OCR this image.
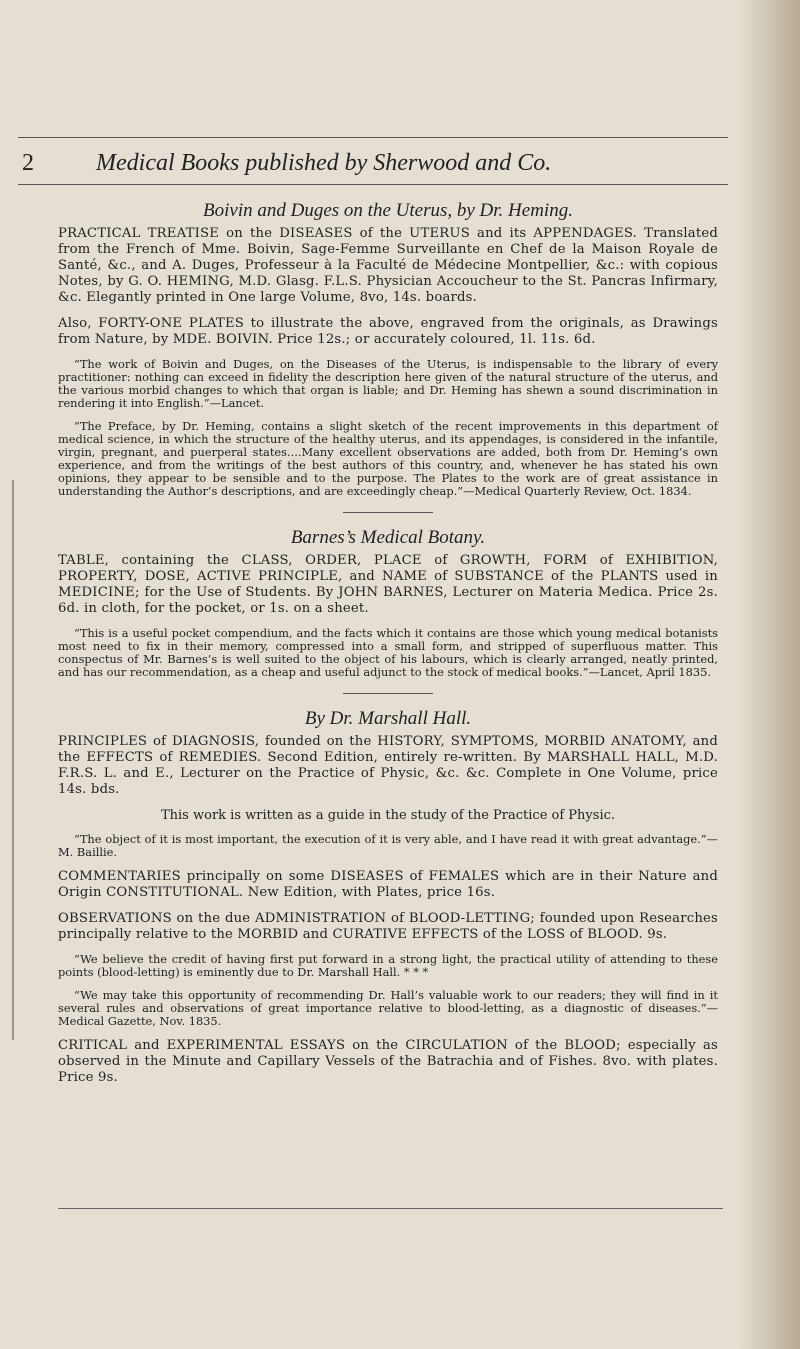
2	Medical Books published by Sherwood and Co.

Boivin and Duges on the Uterus, by Dr. Heming.

PRACTICAL TREATISE on the DISEASES of the UTERUS and its APPENDAGES. Translated from the French of Mme. Boivin, Sage-Femme Surveillante en Chef de la Maison Royale de Santé, &c., and A. Duges, Professeur à la Faculté de Médecine Montpellier, &c.: with copious Notes, by G. O. HEMING, M.D. Glasg. F.L.S. Physician Accoucheur to the St. Pancras Infirmary, &c. Elegantly printed in One large Volume, 8vo, 14s. boards.

Also, FORTY-ONE PLATES to illustrate the above, engraved from the originals, as Drawings from Nature, by MDE. BOIVIN. Price 12s.; or accurately coloured, 1l. 11s. 6d.

“The work of Boivin and Duges, on the Diseases of the Uterus, is indispensable to the library of every practitioner: nothing can exceed in fidelity the description here given of the natural structure of the uterus, and the various morbid changes to which that organ is liable; and Dr. Heming has shewn a sound discrimination in rendering it into English.”—Lancet.

“The Preface, by Dr. Heming, contains a slight sketch of the recent improvements in this department of medical science, in which the structure of the healthy uterus, and its appendages, is considered in the infantile, virgin, pregnant, and puerperal states....Many excellent observations are added, both from Dr. Heming’s own experience, and from the writings of the best authors of this country, and, whenever he has stated his own opinions, they appear to be sensible and to the purpose. The Plates to the work are of great assistance in understanding the Author’s descriptions, and are exceedingly cheap.”—Medical Quarterly Review, Oct. 1834.

Barnes’s Medical Botany.

TABLE, containing the CLASS, ORDER, PLACE of GROWTH, FORM of EXHIBITION, PROPERTY, DOSE, ACTIVE PRINCIPLE, and NAME of SUBSTANCE of the PLANTS used in MEDICINE; for the Use of Students. By JOHN BARNES, Lecturer on Materia Medica. Price 2s. 6d. in cloth, for the pocket, or 1s. on a sheet.

“This is a useful pocket compendium, and the facts which it contains are those which young medical botanists most need to fix in their memory, compressed into a small form, and stripped of superfluous matter. This conspectus of Mr. Barnes’s is well suited to the object of his labours, which is clearly arranged, neatly printed, and has our recommendation, as a cheap and useful adjunct to the stock of medical books.”—Lancet, April 1835.

By Dr. Marshall Hall.

PRINCIPLES of DIAGNOSIS, founded on the HISTORY, SYMPTOMS, MORBID ANATOMY, and the EFFECTS of REMEDIES. Second Edition, entirely re-written. By MARSHALL HALL, M.D. F.R.S. L. and E., Lecturer on the Practice of Physic, &c. &c. Complete in One Volume, price 14s. bds.

This work is written as a guide in the study of the Practice of Physic.

“The object of it is most important, the execution of it is very able, and I have read it with great advantage.”—M. Baillie.

COMMENTARIES principally on some DISEASES of FEMALES which are in their Nature and Origin CONSTITUTIONAL. New Edition, with Plates, price 16s.

OBSERVATIONS on the due ADMINISTRATION of BLOOD-LETTING; founded upon Researches principally relative to the MORBID and CURATIVE EFFECTS of the LOSS of BLOOD. 9s.

“We believe the credit of having first put forward in a strong light, the practical utility of attending to these points (blood-letting) is eminently due to Dr. Marshall Hall. * * *

“We may take this opportunity of recommending Dr. Hall’s valuable work to our readers; they will find in it several rules and observations of great importance relative to blood-letting, as a diagnostic of diseases.”—Medical Gazette, Nov. 1835.

CRITICAL and EXPERIMENTAL ESSAYS on the CIRCULATION of the BLOOD; especially as observed in the Minute and Capillary Vessels of the Batrachia and of Fishes. 8vo. with plates. Price 9s.
